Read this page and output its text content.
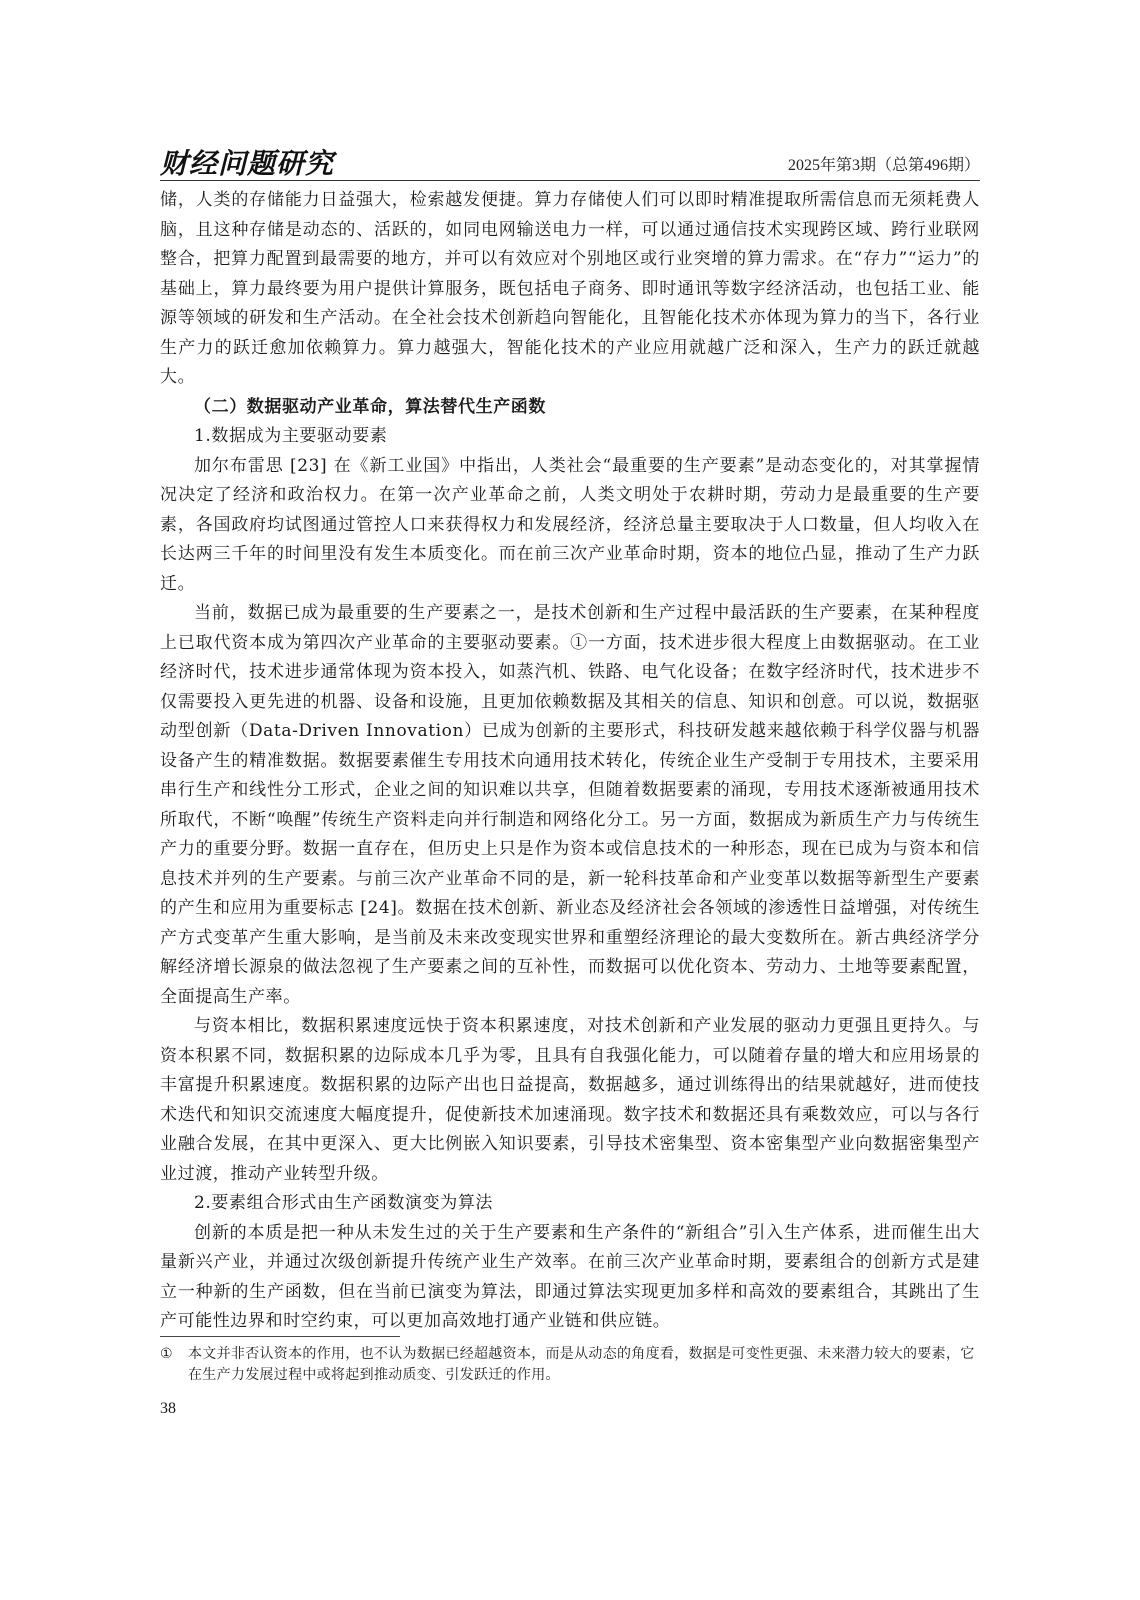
财经问题研究	2025年第3期（总第496期）

储，人类的存储能力日益强大，检索越发便捷。算力存储使人们可以即时精准提取所需信息而无须耗费人脑，且这种存储是动态的、活跃的，如同电网输送电力一样，可以通过通信技术实现跨区域、跨行业联网整合，把算力配置到最需要的地方，并可以有效应对个别地区或行业突增的算力需求。在“存力”“运力”的基础上，算力最终要为用户提供计算服务，既包括电子商务、即时通讯等数字经济活动，也包括工业、能源等领域的研发和生产活动。在全社会技术创新趋向智能化，且智能化技术亦体现为算力的当下，各行业生产力的跃迁愈加依赖算力。算力越强大，智能化技术的产业应用就越广泛和深入，生产力的跃迁就越大。

（二）数据驱动产业革命，算法替代生产函数
1.数据成为主要驱动要素

加尔布雷思 [23] 在《新工业国》中指出，人类社会“最重要的生产要素”是动态变化的，对其掌握情况决定了经济和政治权力。在第一次产业革命之前，人类文明处于农耕时期，劳动力是最重要的生产要素，各国政府均试图通过管控人口来获得权力和发展经济，经济总量主要取决于人口数量，但人均收入在长达两三千年的时间里没有发生本质变化。而在前三次产业革命时期，资本的地位凸显，推动了生产力跃迁。

当前，数据已成为最重要的生产要素之一，是技术创新和生产过程中最活跃的生产要素，在某种程度上已取代资本成为第四次产业革命的主要驱动要素。①一方面，技术进步很大程度上由数据驱动。在工业经济时代，技术进步通常体现为资本投入，如蒸汽机、铁路、电气化设备；在数字经济时代，技术进步不仅需要投入更先进的机器、设备和设施，且更加依赖数据及其相关的信息、知识和创意。可以说，数据驱动型创新（Data-Driven Innovation）已成为创新的主要形式，科技研发越来越依赖于科学仪器与机器设备产生的精准数据。数据要素催生专用技术向通用技术转化，传统企业生产受制于专用技术，主要采用串行生产和线性分工形式，企业之间的知识难以共享，但随着数据要素的涌现，专用技术逐渐被通用技术所取代，不断“唤醒”传统生产资料走向并行制造和网络化分工。另一方面，数据成为新质生产力与传统生产力的重要分野。数据一直存在，但历史上只是作为资本或信息技术的一种形态，现在已成为与资本和信息技术并列的生产要素。与前三次产业革命不同的是，新一轮科技革命和产业变革以数据等新型生产要素的产生和应用为重要标志 [24]。数据在技术创新、新业态及经济社会各领域的渗透性日益增强，对传统生产方式变革产生重大影响，是当前及未来改变现实世界和重塑经济理论的最大变数所在。新古典经济学分解经济增长源泉的做法忽视了生产要素之间的互补性，而数据可以优化资本、劳动力、土地等要素配置，全面提高生产率。

与资本相比，数据积累速度远快于资本积累速度，对技术创新和产业发展的驱动力更强且更持久。与资本积累不同，数据积累的边际成本几乎为零，且具有自我强化能力，可以随着存量的增大和应用场景的丰富提升积累速度。数据积累的边际产出也日益提高，数据越多，通过训练得出的结果就越好，进而使技术迭代和知识交流速度大幅度提升，促使新技术加速涌现。数字技术和数据还具有乘数效应，可以与各行业融合发展，在其中更深入、更大比例嵌入知识要素，引导技术密集型、资本密集型产业向数据密集型产业过渡，推动产业转型升级。

2.要素组合形式由生产函数演变为算法

创新的本质是把一种从未发生过的关于生产要素和生产条件的“新组合”引入生产体系，进而催生出大量新兴产业，并通过次级创新提升传统产业生产效率。在前三次产业革命时期，要素组合的创新方式是建立一种新的生产函数，但在当前已演变为算法，即通过算法实现更加多样和高效的要素组合，其跳出了生产可能性边界和时空约束，可以更加高效地打通产业链和供应链。

① 本文并非否认资本的作用，也不认为数据已经超越资本，而是从动态的角度看，数据是可变性更强、未来潜力较大的要素，它在生产力发展过程中或将起到推动质变、引发跃迁的作用。
38
